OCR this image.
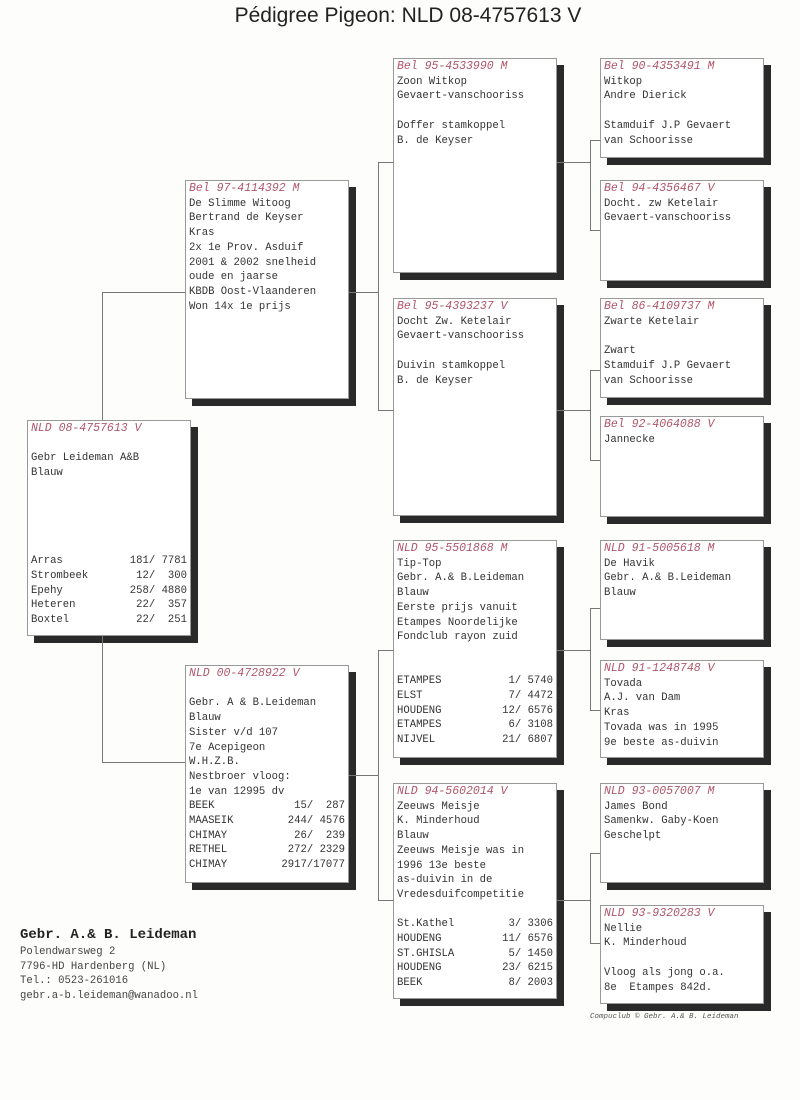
Pédigree Pigeon: NLD 08-4757613 V
NLD 08-4757613 V

Gebr Leideman A&B
Blauw

Arras	181/ 7781
Strombeek	12/  300
Epehy	258/ 4880
Heteren	22/  357
Boxtel	22/  251
Bel 97-4114392 M
De Slimme Witoog
Bertrand de Keyser
Kras
2x 1e Prov. Asduif
2001 & 2002 snelheid
oude en jaarse
KBDB Oost-Vlaanderen
Won 14x 1e prijs
NLD 00-4728922 V

Gebr. A & B.Leideman
Blauw
Sister v/d 107
7e Acepigeon
W.H.Z.B.
Nestbroer vloog:
1e van 12995 dv
BEEK	15/  287
MAASEIK	244/ 4576
CHIMAY	26/  239
RETHEL	272/ 2329
CHIMAY	2917/17077
Bel 95-4533990 M
Zoon Witkop
Gevaert-vanschooriss

Doffer stamkoppel
B. de Keyser
Bel 95-4393237 V
Docht Zw. Ketelair
Gevaert-vanschooriss

Duivin stamkoppel
B. de Keyser
NLD 95-5501868 M
Tip-Top
Gebr. A.& B.Leideman
Blauw
Eerste prijs vanuit
Etampes Noordelijke
Fondclub rayon zuid

ETAMPES	1/ 5740
ELST	7/ 4472
HOUDENG	12/ 6576
ETAMPES	6/ 3108
NIJVEL	21/ 6807
NLD 94-5602014 V
Zeeuws Meisje
K. Minderhoud
Blauw
Zeeuws Meisje was in
1996 13e beste
as-duivin in de
Vredesduifcompetitie

St.Kathel	3/ 3306
HOUDENG	11/ 6576
ST.GHISLA	5/ 1450
HOUDENG	23/ 6215
BEEK	8/ 2003
Bel 90-4353491 M
Witkop
Andre Dierick

Stamduif J.P Gevaert
van Schoorisse
Bel 94-4356467 V
Docht. zw Ketelair
Gevaert-vanschooriss
Bel 86-4109737 M
Zwarte Ketelair

Zwart
Stamduif J.P Gevaert
van Schoorisse
Bel 92-4064088 V
Jannecke
NLD 91-5005618 M
De Havik
Gebr. A.& B.Leideman
Blauw
NLD 91-1248748 V
Tovada
A.J. van Dam
Kras
Tovada was in 1995
9e beste as-duivin
NLD 93-0057007 M
James Bond
Samenkw. Gaby-Koen
Geschelpt
NLD 93-9320283 V
Nellie
K. Minderhoud

Vloog als jong o.a.
8e  Etampes 842d.
Gebr. A.& B. Leideman
Polendwarsweg 2
7796-HD Hardenberg (NL)
Tel.: 0523-261016
gebr.a-b.leideman@wanadoo.nl
Compuclub © Gebr. A.& B. Leideman
